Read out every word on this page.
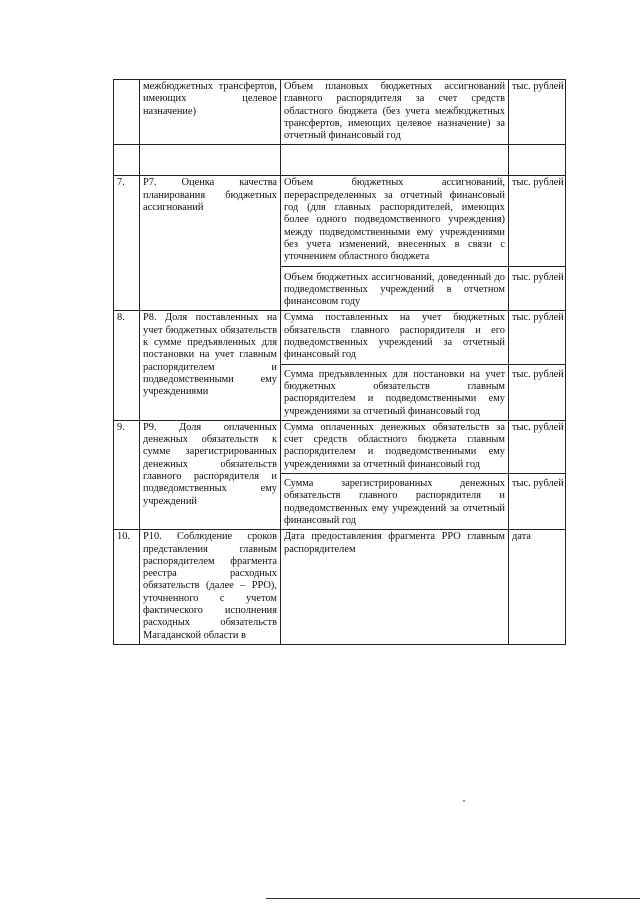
	межбюджетных трансфертов, имеющих целевое назначение)	Объем плановых бюджетных ассигнований главного распорядителя за счет средств областного бюджета (без учета межбюджетных трансфертов, имеющих целевое назначение) за отчетный финансовый год	тыс. рублей

7.	Р7. Оценка качества планирования бюджетных ассигнований	Объем бюджетных ассигнований, перераспределенных за отчетный финансовый год (для главных распорядителей, имеющих более одного подведомственного учреждения) между подведомственными ему учреждениями без учета изменений, внесенных в связи с уточнением областного бюджета	тыс. рублей
		Объем бюджетных ассигнований, доведенный до подведомственных учреждений в отчетном финансовом году	тыс. рублей
8.	Р8. Доля поставленных на учет бюджетных обязательств к сумме предъявленных для постановки на учет главным распорядителем и подведомственными ему учреждениями	Сумма поставленных на учет бюджетных обязательств главного распорядителя и его подведомственных учреждений за отчетный финансовый год	тыс. рублей
		Сумма предъявленных для постановки на учет бюджетных обязательств главным распорядителем и подведомственными ему учреждениями за отчетный финансовый год	тыс. рублей
9.	Р9. Доля оплаченных денежных обязательств к сумме зарегистрированных денежных обязательств главного распорядителя и подведомственных ему учреждений	Сумма оплаченных денежных обязательств за счет средств областного бюджета главным распорядителем и подведомственными ему учреждениями за отчетный финансовый год	тыс. рублей
		Сумма зарегистрированных денежных обязательств главного распорядителя и подведомственных ему учреждений за отчетный финансовый год	тыс. рублей
10.	Р10. Соблюдение сроков представления главным распорядителем фрагмента реестра расходных обязательств (далее – РРО), уточненного с учетом фактического исполнения расходных обязательств Магаданской области в	Дата предоставления фрагмента РРО главным распорядителем	дата
